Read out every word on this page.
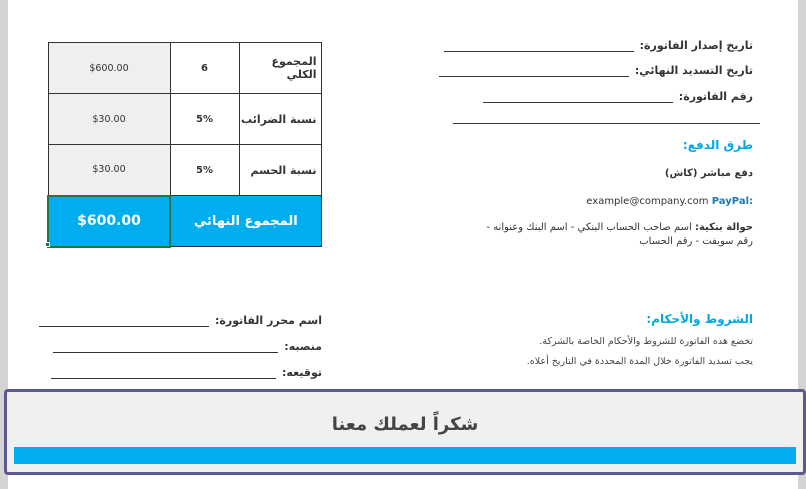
$600.00	6	المجموع الكلي
$30.00	5%	نسبة الضرائب
$30.00	5%	نسبة الحسم
$600.00	المجموع النهائي	
تاريخ إصدار الفاتورة:
تاريخ التسديد النهائي:
رقم الفاتورة:
طرق الدفع:
دفع مباشر (كاش)
example@company.com PayPal:
حوالة بنكية: اسم صاحب الحساب البنكي - اسم البنك وعنوانه -
رقم سويفت - رقم الحساب
الشروط والأحكام:
تخضع هذه الفاتورة للشروط والأحكام الخاصة بالشركة.
يجب تسديد الفاتورة خلال المدة المحددة في التاريخ أعلاه.
اسم محرر الفاتورة:
منصبه:
توقيعه:
شكراً لعملك معنا
